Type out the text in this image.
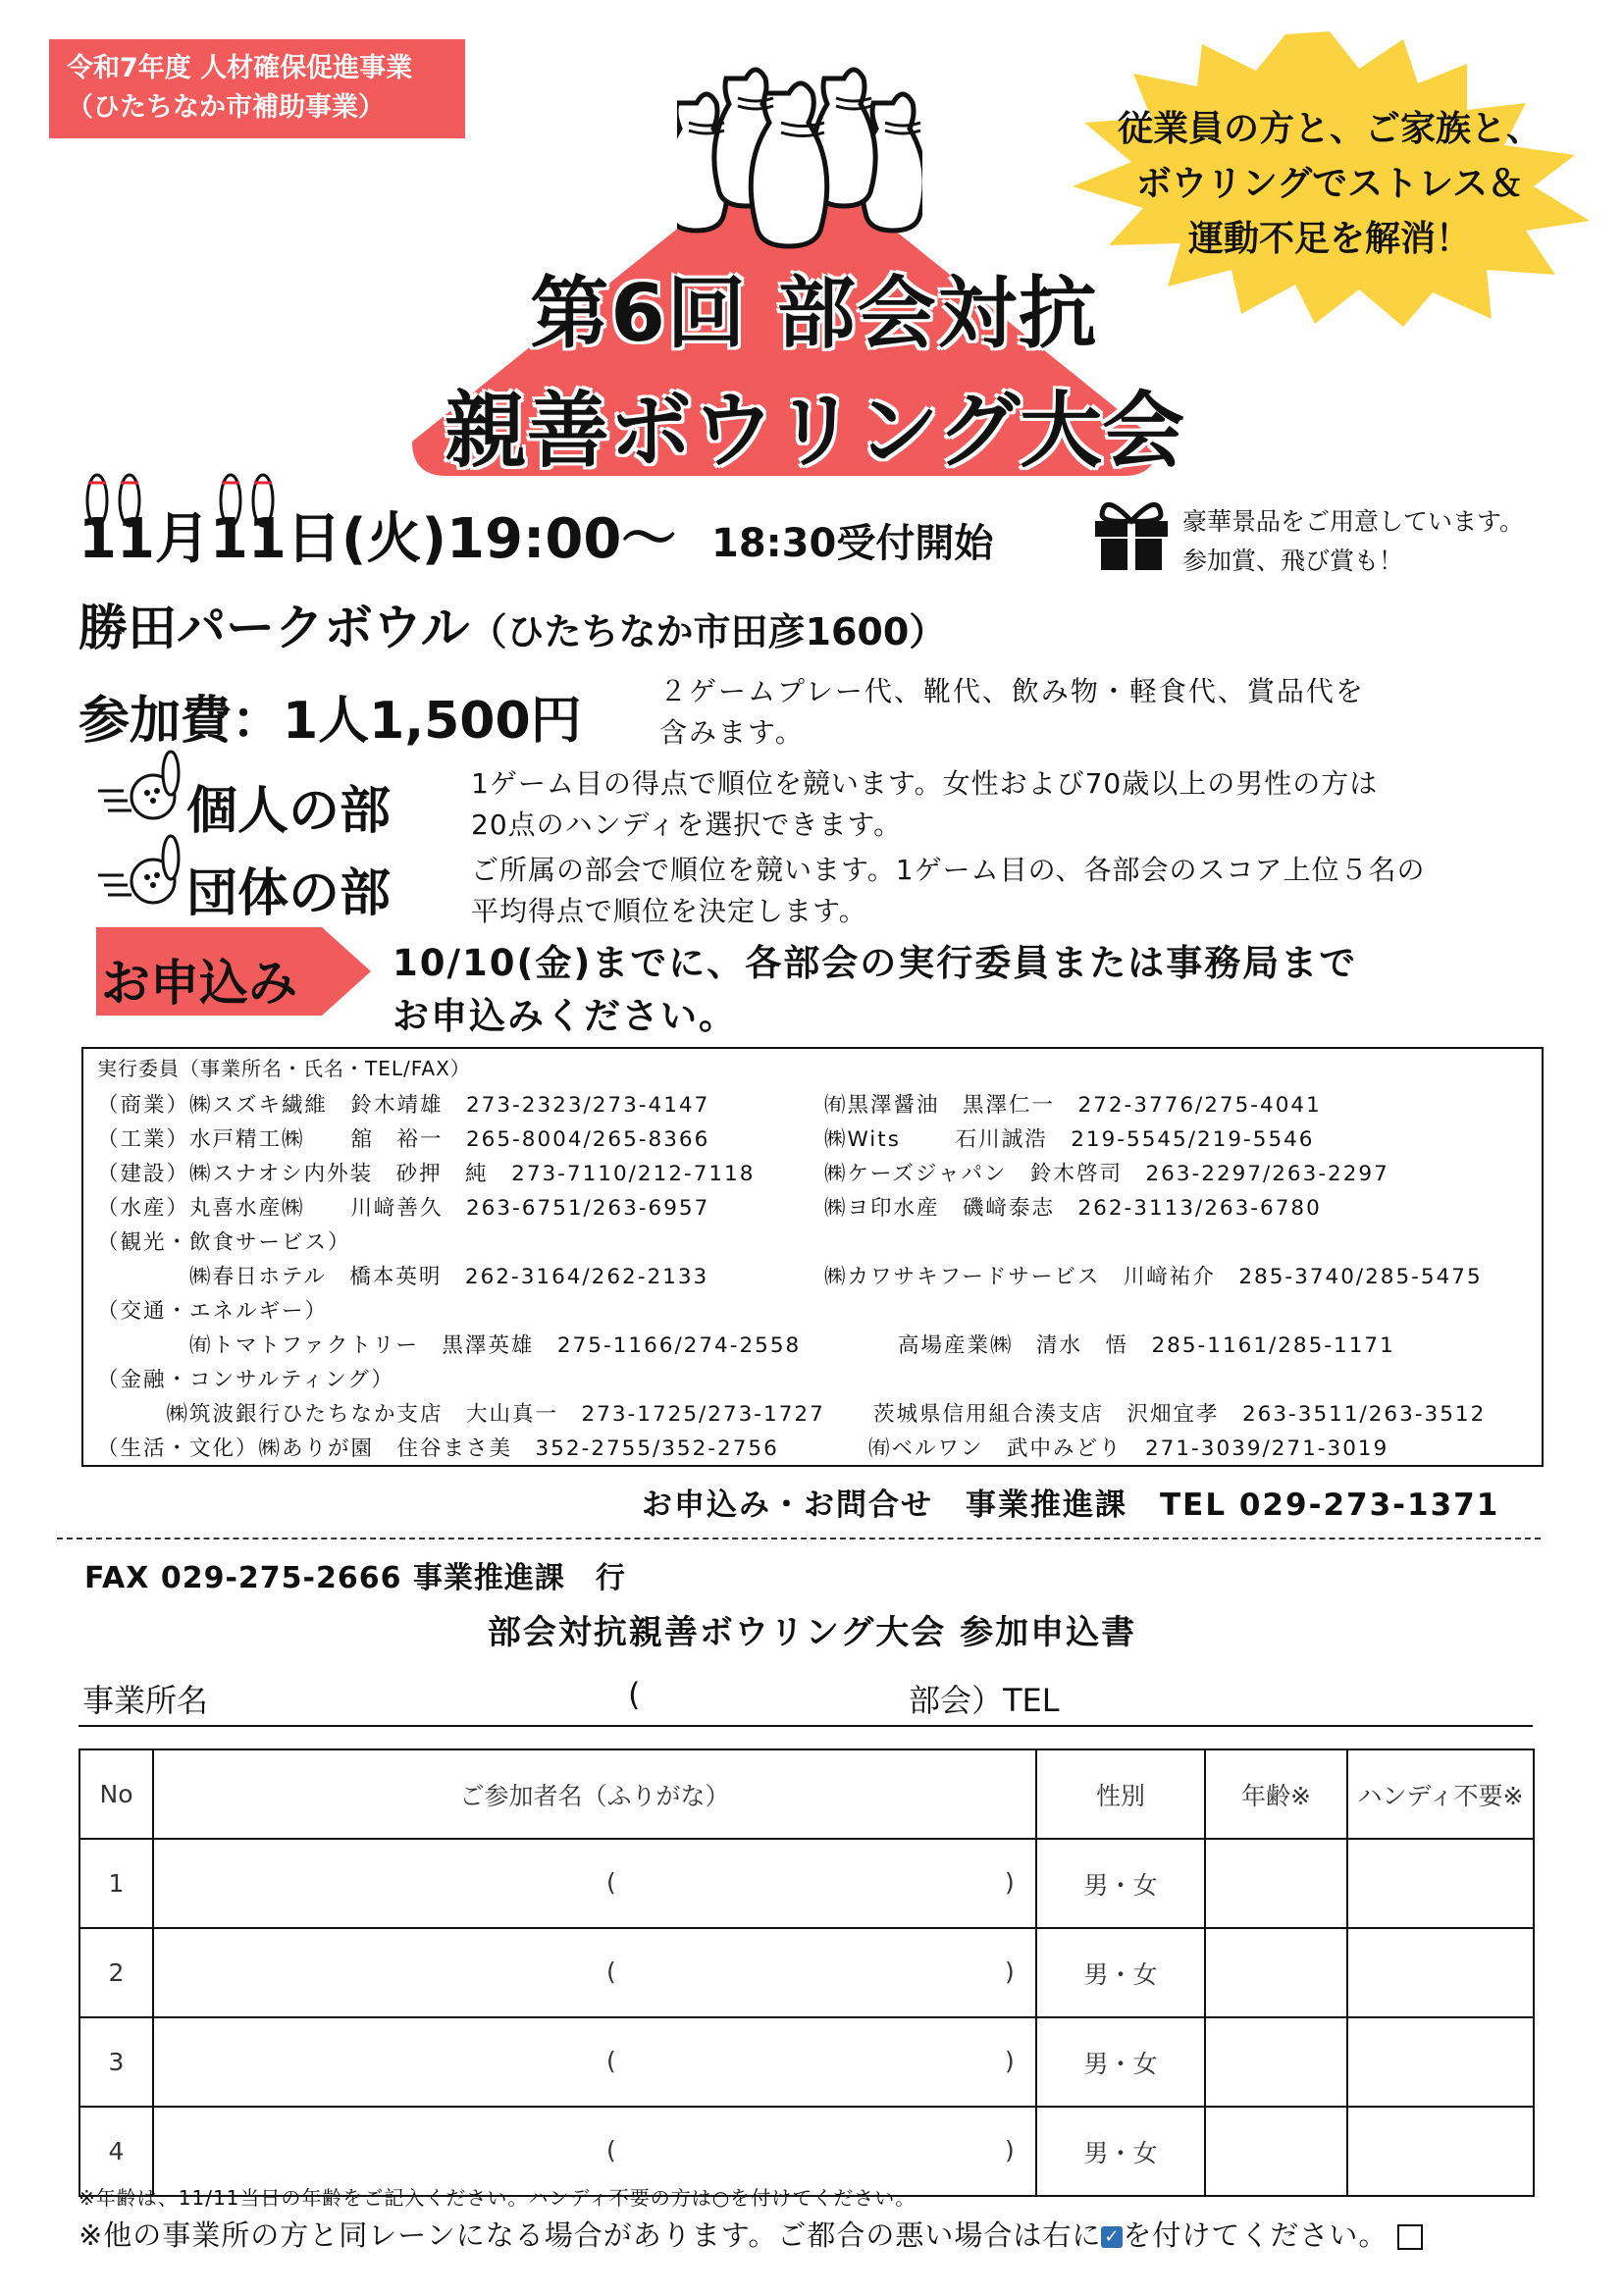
令和7年度 人材確保促進事業
（ひたちなか市補助事業）
従業員の方と、ご家族と、
ボウリングでストレス＆
運動不足を解消！
第6回 部会対抗
親善ボウリング大会
11月11日(火)19:00～ 18:30受付開始	豪華景品をご用意しています。
参加賞、飛び賞も！
勝田パークボウル（ひたちなか市田彦1600）
参加費：1人1,500円
２ゲームプレー代、靴代、飲み物・軽食代、賞品代を
含みます。
個人の部	1ゲーム目の得点で順位を競います。女性および70歳以上の男性の方は
20点のハンディを選択できます。
団体の部	ご所属の部会で順位を競います。1ゲーム目の、各部会のスコア上位５名の
平均得点で順位を決定します。
お申込み	10/10(金)までに、各部会の実行委員または事務局まで
お申込みください。
実行委員（事業所名・氏名・TEL/FAX）
（商業）㈱スズキ繊維　鈴木靖雄　273-2323/273-4147	㈲黒澤醤油　黒澤仁一　272-3776/275-4041
（工業）水戸精工㈱　　舘　裕一　265-8004/265-8366	㈱Wits　　 石川誠浩　219-5545/219-5546
（建設）㈱スナオシ内外装　砂押　純　273-7110/212-7118	㈱ケーズジャパン　鈴木啓司　263-2297/263-2297
（水産）丸喜水産㈱　　川﨑善久　263-6751/263-6957	㈱ヨ印水産　磯﨑泰志　262-3113/263-6780
（観光・飲食サービス）
　　　　㈱春日ホテル　橋本英明　262-3164/262-2133	㈱カワサキフードサービス　川﨑祐介　285-3740/285-5475
（交通・エネルギー）
　　　　㈲トマトファクトリー　黒澤英雄　275-1166/274-2558	高場産業㈱　清水　悟　285-1161/285-1171
（金融・コンサルティング）
　　　㈱筑波銀行ひたちなか支店　大山真一　273-1725/273-1727 茨城県信用組合湊支店　沢畑宜孝　263-3511/263-3512
（生活・文化）㈱ありが園　住谷まさ美　352-2755/352-2756	㈲ベルワン　武中みどり　271-3039/271-3019
お申込み・お問合せ　事業推進課　TEL 029-273-1371
FAX 029-275-2666 事業推進課　行
部会対抗親善ボウリング大会 参加申込書
事業所名	(	部会）TEL
No	ご参加者名（ふりがな）	性別	年齢※	ハンディ不要※
1	( )	男・女		
2	( )	男・女		
3	( )	男・女		
4	( )	男・女		
※年齢は、11/11当日の年齢をご記入ください。ハンディ不要の方は○を付けてください。
※他の事業所の方と同レーンになる場合があります。ご都合の悪い場合は右に ✓ を付けてください。
